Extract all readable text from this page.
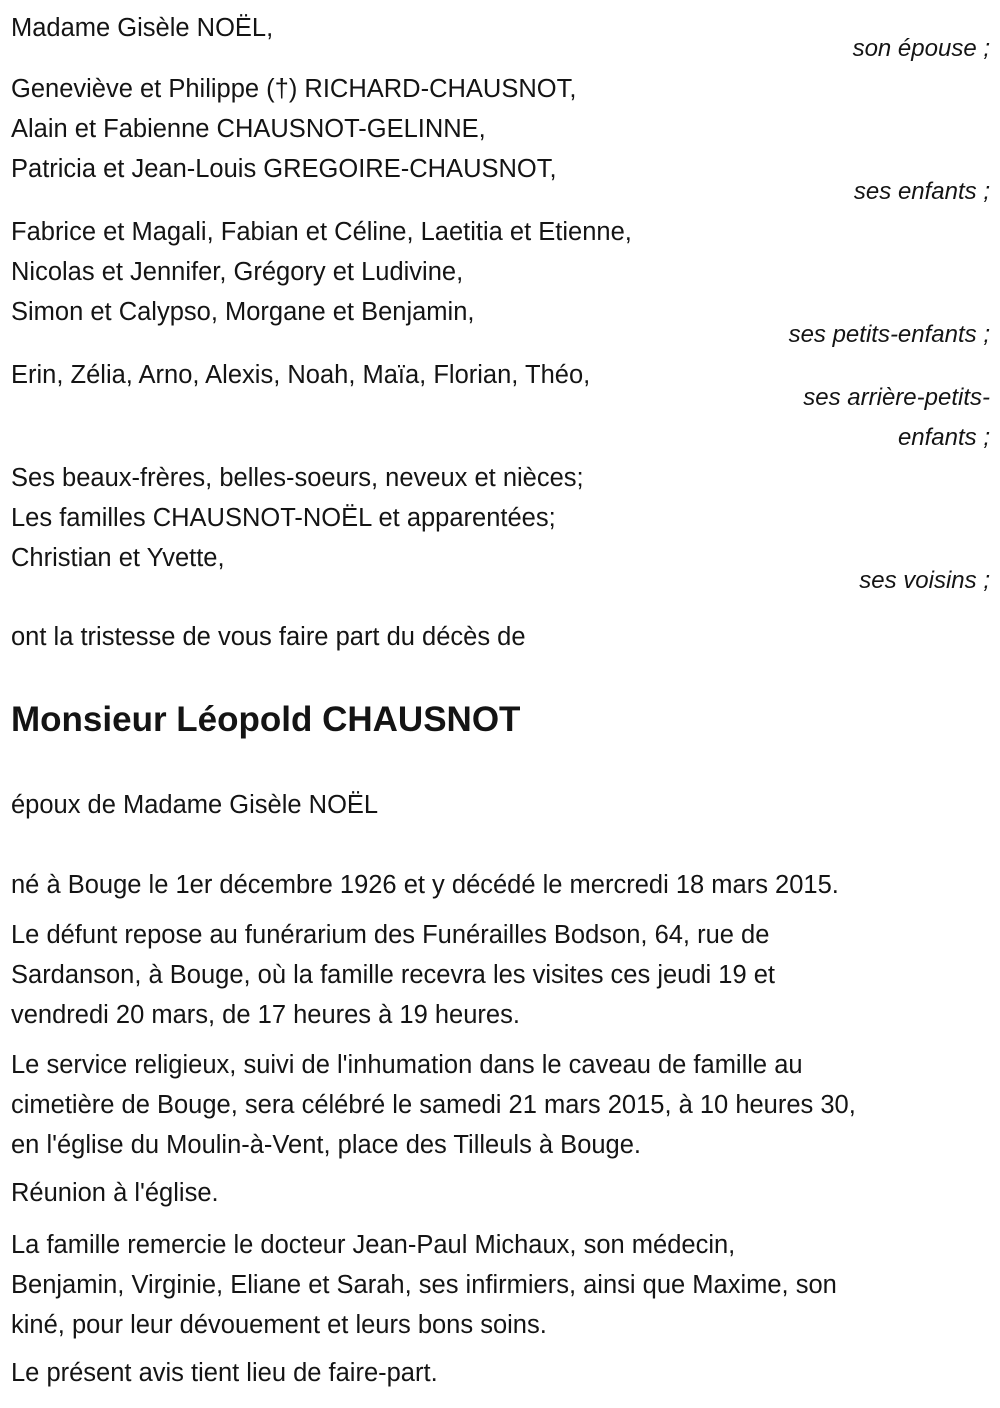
Madame Gisèle NOËL,
son épouse ;
Geneviève et Philippe (†) RICHARD-CHAUSNOT,
Alain et Fabienne CHAUSNOT-GELINNE,
Patricia et Jean-Louis GREGOIRE-CHAUSNOT,
ses enfants ;
Fabrice et Magali, Fabian et Céline, Laetitia et Etienne,
Nicolas et Jennifer, Grégory et Ludivine,
Simon et Calypso, Morgane et Benjamin,
ses petits-enfants ;
Erin, Zélia, Arno, Alexis, Noah, Maïa, Florian, Théo,
ses arrière-petits-
enfants ;
Ses beaux-frères, belles-soeurs, neveux et nièces;
Les familles CHAUSNOT-NOËL et apparentées;
Christian et Yvette,
ses voisins ;
ont la tristesse de vous faire part du décès de
Monsieur Léopold CHAUSNOT
époux de Madame Gisèle NOËL
né à Bouge le 1er décembre 1926 et y décédé le mercredi 18 mars 2015.
Le défunt repose au funérarium des Funérailles Bodson, 64, rue de
Sardanson, à Bouge, où la famille recevra les visites ces jeudi 19 et
vendredi 20 mars, de 17 heures à 19 heures.
Le service religieux, suivi de l'inhumation dans le caveau de famille au
cimetière de Bouge, sera célébré le samedi 21 mars 2015, à 10 heures 30,
en l'église du Moulin-à-Vent, place des Tilleuls à Bouge.
Réunion à l'église.
La famille remercie le docteur Jean-Paul Michaux, son médecin,
Benjamin, Virginie, Eliane et Sarah, ses infirmiers, ainsi que Maxime, son
kiné, pour leur dévouement et leurs bons soins.
Le présent avis tient lieu de faire-part.
